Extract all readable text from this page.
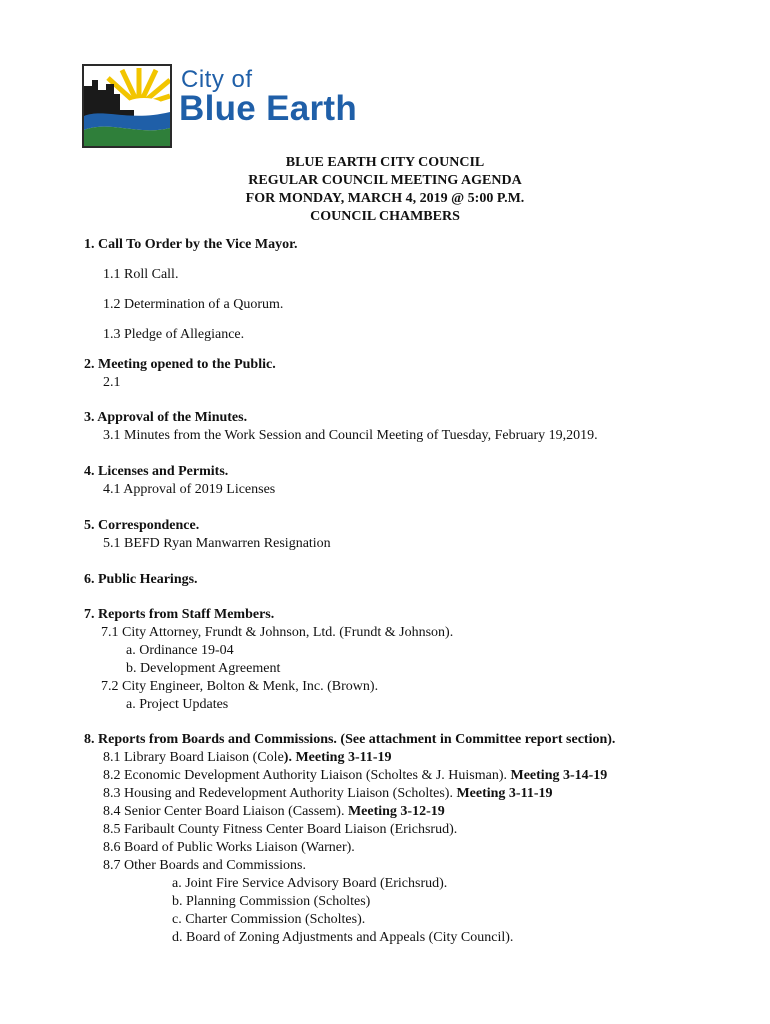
City of
Blue Earth
BLUE EARTH CITY COUNCIL
REGULAR COUNCIL MEETING AGENDA
FOR MONDAY, MARCH 4, 2019 @ 5:00 P.M.
COUNCIL CHAMBERS
1. Call To Order by the Vice Mayor.
1.1 Roll Call.
1.2 Determination of a Quorum.
1.3 Pledge of Allegiance.
2. Meeting opened to the Public.
2.1
3. Approval of the Minutes.
3.1 Minutes from the Work Session and Council Meeting of Tuesday, February 19,2019.
4. Licenses and Permits.
4.1 Approval of 2019 Licenses
5. Correspondence.
5.1 BEFD Ryan Manwarren Resignation
6. Public Hearings.
7. Reports from Staff Members.
7.1 City Attorney, Frundt & Johnson, Ltd. (Frundt & Johnson).
a. Ordinance 19-04
b. Development Agreement
7.2 City Engineer, Bolton & Menk, Inc. (Brown).
a. Project Updates
8. Reports from Boards and Commissions. (See attachment in Committee report section).
8.1 Library Board Liaison (Cole). Meeting 3-11-19
8.2 Economic Development Authority Liaison (Scholtes & J. Huisman). Meeting 3-14-19
8.3 Housing and Redevelopment Authority Liaison (Scholtes). Meeting 3-11-19
8.4 Senior Center Board Liaison (Cassem). Meeting 3-12-19
8.5 Faribault County Fitness Center Board Liaison (Erichsrud).
8.6 Board of Public Works Liaison (Warner).
8.7 Other Boards and Commissions.
a. Joint Fire Service Advisory Board (Erichsrud).
b. Planning Commission (Scholtes)
c. Charter Commission (Scholtes).
d. Board of Zoning Adjustments and Appeals (City Council).
